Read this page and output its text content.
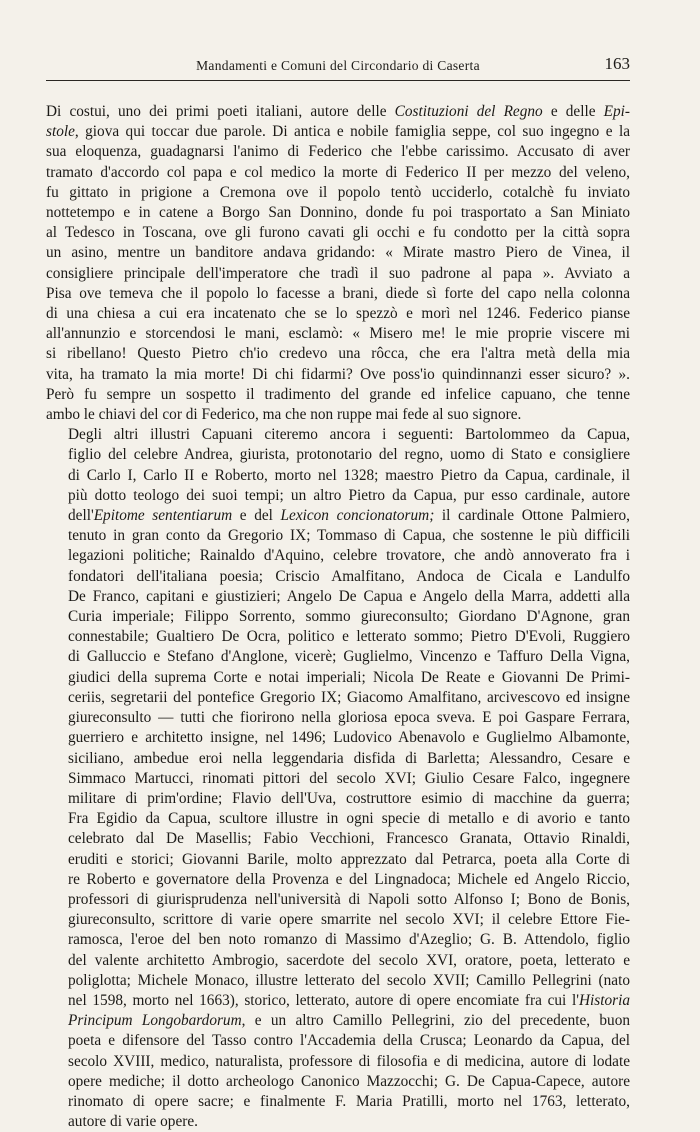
Mandamenti e Comuni del Circondario di Caserta	163
Di costui, uno dei primi poeti italiani, autore delle Costituzioni del Regno e delle Epi-
stole, giova qui toccar due parole. Di antica e nobile famiglia seppe, col suo ingegno e la
sua eloquenza, guadagnarsi l'animo di Federico che l'ebbe carissimo. Accusato di aver
tramato d'accordo col papa e col medico la morte di Federico II per mezzo del veleno,
fu gittato in prigione a Cremona ove il popolo tentò ucciderlo, cotalchè fu inviato
nottetempo e in catene a Borgo San Donnino, donde fu poi trasportato a San Miniato
al Tedesco in Toscana, ove gli furono cavati gli occhi e fu condotto per la città sopra
un asino, mentre un banditore andava gridando: « Mirate mastro Piero de Vinea, il
consigliere principale dell'imperatore che tradì il suo padrone al papa ». Avviato a
Pisa ove temeva che il popolo lo facesse a brani, diede sì forte del capo nella colonna
di una chiesa a cui era incatenato che se lo spezzò e morì nel 1246. Federico pianse
all'annunzio e storcendosi le mani, esclamò: « Misero me! le mie proprie viscere mi
si ribellano! Questo Pietro ch'io credevo una rôcca, che era l'altra metà della mia
vita, ha tramato la mia morte! Di chi fidarmi? Ove poss'io quindinnanzi esser sicuro? ».
Però fu sempre un sospetto il tradimento del grande ed infelice capuano, che tenne
ambo le chiavi del cor di Federico, ma che non ruppe mai fede al suo signore.
Degli altri illustri Capuani citeremo ancora i seguenti: Bartolommeo da Capua,
figlio del celebre Andrea, giurista, protonotario del regno, uomo di Stato e consigliere
di Carlo I, Carlo II e Roberto, morto nel 1328; maestro Pietro da Capua, cardinale, il
più dotto teologo dei suoi tempi; un altro Pietro da Capua, pur esso cardinale, autore
dell'Epitome sententiarum e del Lexicon concionatorum; il cardinale Ottone Palmiero,
tenuto in gran conto da Gregorio IX; Tommaso di Capua, che sostenne le più difficili
legazioni politiche; Rainaldo d'Aquino, celebre trovatore, che andò annoverato fra i
fondatori dell'italiana poesia; Criscio Amalfitano, Andoca de Cicala e Landulfo
De Franco, capitani e giustizieri; Angelo De Capua e Angelo della Marra, addetti alla
Curia imperiale; Filippo Sorrento, sommo giureconsulto; Giordano D'Agnone, gran
connestabile; Gualtiero De Ocra, politico e letterato sommo; Pietro D'Evoli, Ruggiero
di Galluccio e Stefano d'Anglone, vicerè; Guglielmo, Vincenzo e Taffuro Della Vigna,
giudici della suprema Corte e notai imperiali; Nicola De Reate e Giovanni De Primi-
ceriis, segretarii del pontefice Gregorio IX; Giacomo Amalfitano, arcivescovo ed insigne
giureconsulto — tutti che fiorirono nella gloriosa epoca sveva. E poi Gaspare Ferrara,
guerriero e architetto insigne, nel 1496; Ludovico Abenavolo e Guglielmo Albamonte,
siciliano, ambedue eroi nella leggendaria disfida di Barletta; Alessandro, Cesare e
Simmaco Martucci, rinomati pittori del secolo XVI; Giulio Cesare Falco, ingegnere
militare di prim'ordine; Flavio dell'Uva, costruttore esimio di macchine da guerra;
Fra Egidio da Capua, scultore illustre in ogni specie di metallo e di avorio e tanto
celebrato dal De Masellis; Fabio Vecchioni, Francesco Granata, Ottavio Rinaldi,
eruditi e storici; Giovanni Barile, molto apprezzato dal Petrarca, poeta alla Corte di
re Roberto e governatore della Provenza e del Lingnadoca; Michele ed Angelo Riccio,
professori di giurisprudenza nell'università di Napoli sotto Alfonso I; Bono de Bonis,
giureconsulto, scrittore di varie opere smarrite nel secolo XVI; il celebre Ettore Fie-
ramosca, l'eroe del ben noto romanzo di Massimo d'Azeglio; G. B. Attendolo, figlio
del valente architetto Ambrogio, sacerdote del secolo XVI, oratore, poeta, letterato e
poliglotta; Michele Monaco, illustre letterato del secolo XVII; Camillo Pellegrini (nato
nel 1598, morto nel 1663), storico, letterato, autore di opere encomiate fra cui l'Historia
Principum Longobardorum, e un altro Camillo Pellegrini, zio del precedente, buon
poeta e difensore del Tasso contro l'Accademia della Crusca; Leonardo da Capua, del
secolo XVIII, medico, naturalista, professore di filosofia e di medicina, autore di lodate
opere mediche; il dotto archeologo Canonico Mazzocchi; G. De Capua-Capece, autore
rinomato di opere sacre; e finalmente F. Maria Pratilli, morto nel 1763, letterato,
autore di varie opere.
